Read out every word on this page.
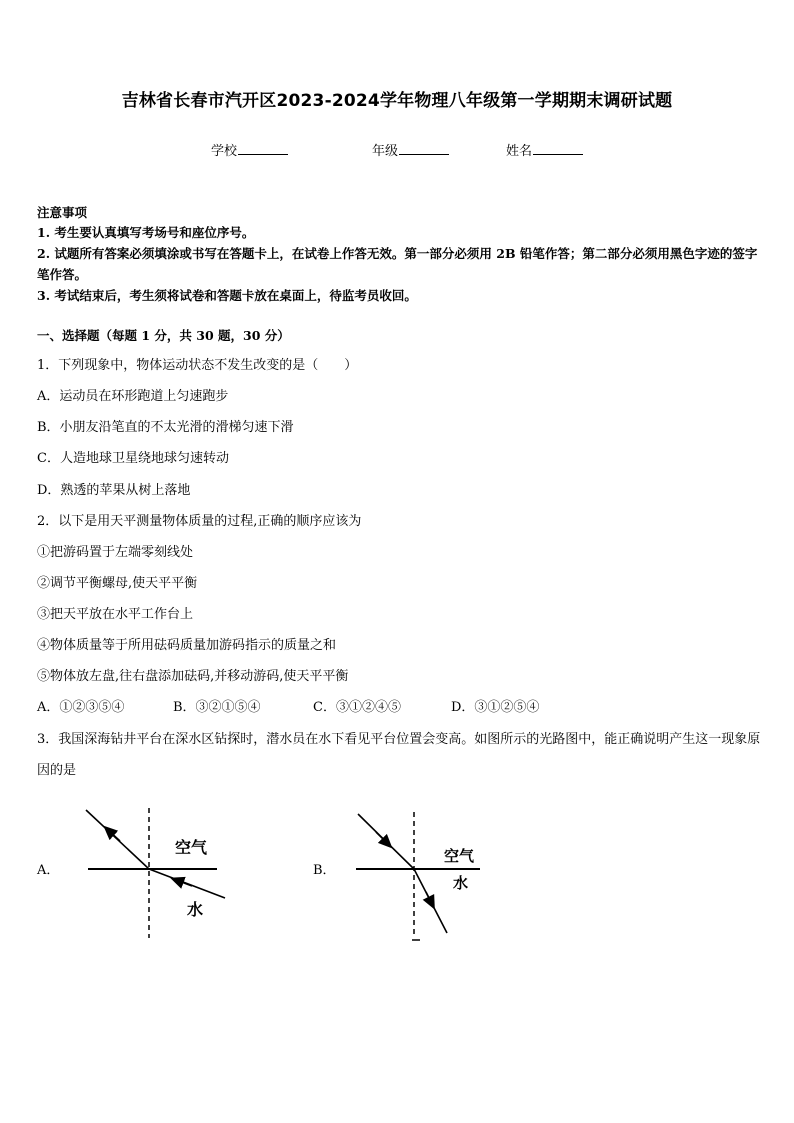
吉林省长春市汽开区2023-2024学年物理八年级第一学期期末调研试题
学校	年级	姓名
注意事项
1. 考生要认真填写考场号和座位序号。
2. 试题所有答案必须填涂或书写在答题卡上，在试卷上作答无效。第一部分必须用 2B 铅笔作答；第二部分必须用黑色字迹的签字笔作答。
3. 考试结束后，考生须将试卷和答题卡放在桌面上，待监考员收回。
一、选择题（每题 1 分，共 30 题，30 分）
1．下列现象中，物体运动状态不发生改变的是（　　）
A．运动员在环形跑道上匀速跑步
B．小朋友沿笔直的不太光滑的滑梯匀速下滑
C．人造地球卫星绕地球匀速转动
D．熟透的苹果从树上落地
2．以下是用天平测量物体质量的过程,正确的顺序应该为
①把游码置于左端零刻线处
②调节平衡螺母,使天平平衡
③把天平放在水平工作台上
④物体质量等于所用砝码质量加游码指示的质量之和
⑤物体放左盘,往右盘添加砝码,并移动游码,使天平平衡
A．①②③⑤④	B．③②①⑤④	C．③①②④⑤	D．③①②⑤④
3．我国深海钻井平台在深水区钻探时，潜水员在水下看见平台位置会变高。如图所示的光路图中，能正确说明产生这一现象原因的是
A．
空气
水
B．
空气
水
